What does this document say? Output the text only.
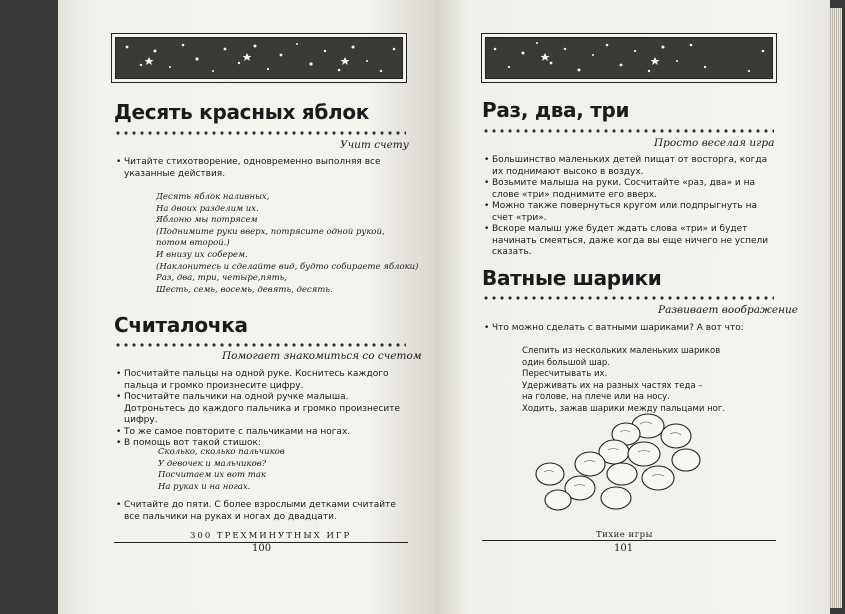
Десять красных яблок
Учит счету
• Читайте стихотворение, одновременно выполняя все указанные действия.
Десять яблок наливных,
На двоих разделим их.
Яблоню мы потрясем
(Поднимите руки вверх, потрясите одной рукой,
потом второй.)
И внизу их соберем.
(Наклонитесь и сделайте вид, будто собираете яблоки)
Раз, два, три, четыре,пять,
Шесть, семь, восемь, девять, десять.
Считалочка
Помогает знакомиться со счетом
• Посчитайте пальцы на одной руке. Коснитесь каждого пальца и громко произнесите цифру.
• Посчитайте пальчики на одной ручке малыша. Дотроньтесь до каждого пальчика и громко произнесите цифру.
• То же самое повторите с пальчиками на ногах.
• В помощь вот такой стишок:
Сколько, сколько пальчиков
У девочек и мальчиков?
Посчитаем их вот так
На руках и на ногах.
• Считайте до пяти. С более взрослыми детками считайте все пальчики на руках и ногах до двадцати.
300 ТРЕХМИНУТНЫХ ИГР
100
Раз, два, три
Просто веселая игра
• Большинство маленьких детей пищат от восторга, когда их поднимают высоко в воздух.
• Возьмите малыша на руки. Сосчитайте «раз, два» и на слове «три» поднимите его вверх.
• Можно также повернуться кругом или подпрыгнуть на счет «три».
• Вскоре малыш уже будет ждать слова «три» и будет начинать смеяться, даже когда вы еще ничего не успели сказать.
Ватные шарики
Развивает воображение
• Что можно сделать с ватными шариками? А вот что:
Слепить из нескольких маленьких шариков
один большой шар.
Пересчитывать их.
Удерживать их на разных частях теда –
на голове, на плече или на носу.
Ходить, зажав шарики между пальцами ног.
Тихие игры
101
